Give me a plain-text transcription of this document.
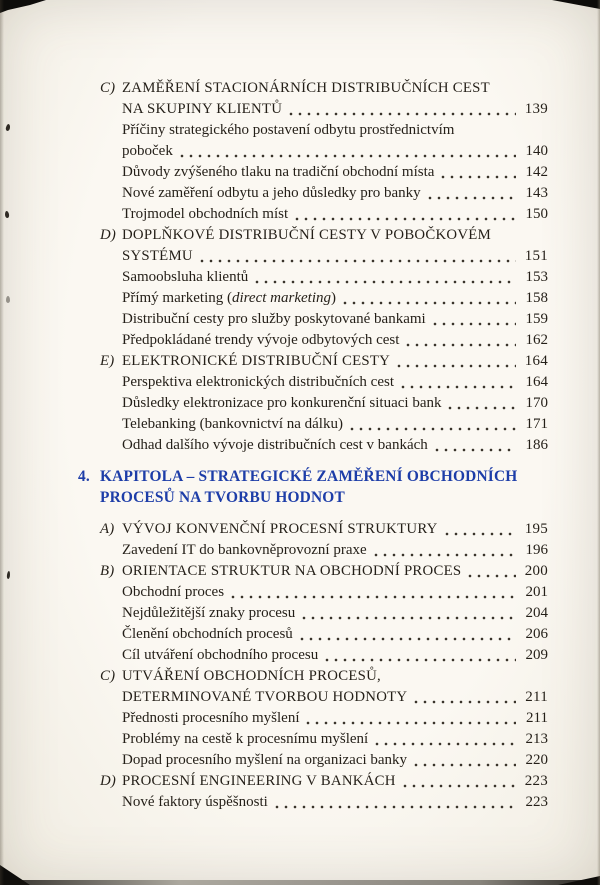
C) ZAMĚŘENÍ STACIONÁRNÍCH DISTRIBUČNÍCH CEST
NA SKUPINY KLIENTŮ	139
Příčiny strategického postavení odbytu prostřednictvím
poboček	140
Důvody zvýšeného tlaku na tradiční obchodní místa	142
Nové zaměření odbytu a jeho důsledky pro banky	143
Trojmodel obchodních míst	150
D) DOPLŇKOVÉ DISTRIBUČNÍ CESTY V POBOČKOVÉM
SYSTÉMU	151
Samoobsluha klientů	153
Přímý marketing (direct marketing)	158
Distribuční cesty pro služby poskytované bankami	159
Předpokládané trendy vývoje odbytových cest	162
E) ELEKTRONICKÉ DISTRIBUČNÍ CESTY	164
Perspektiva elektronických distribučních cest	164
Důsledky elektronizace pro konkurenční situaci bank	170
Telebanking (bankovnictví na dálku)	171
Odhad dalšího vývoje distribučních cest v bankách	186
4. KAPITOLA – STRATEGICKÉ ZAMĚŘENÍ OBCHODNÍCH
PROCESŮ NA TVORBU HODNOT
A) VÝVOJ KONVENČNÍ PROCESNÍ STRUKTURY	195
Zavedení IT do bankovněprovozní praxe	196
B) ORIENTACE STRUKTUR NA OBCHODNÍ PROCES	200
Obchodní proces	201
Nejdůležitější znaky procesu	204
Členění obchodních procesů	206
Cíl utváření obchodního procesu	209
C) UTVÁŘENÍ OBCHODNÍCH PROCESŮ,
DETERMINOVANÉ TVORBOU HODNOTY	211
Přednosti procesního myšlení	211
Problémy na cestě k procesnímu myšlení	213
Dopad procesního myšlení na organizaci banky	220
D) PROCESNÍ ENGINEERING V BANKÁCH	223
Nové faktory úspěšnosti	223
